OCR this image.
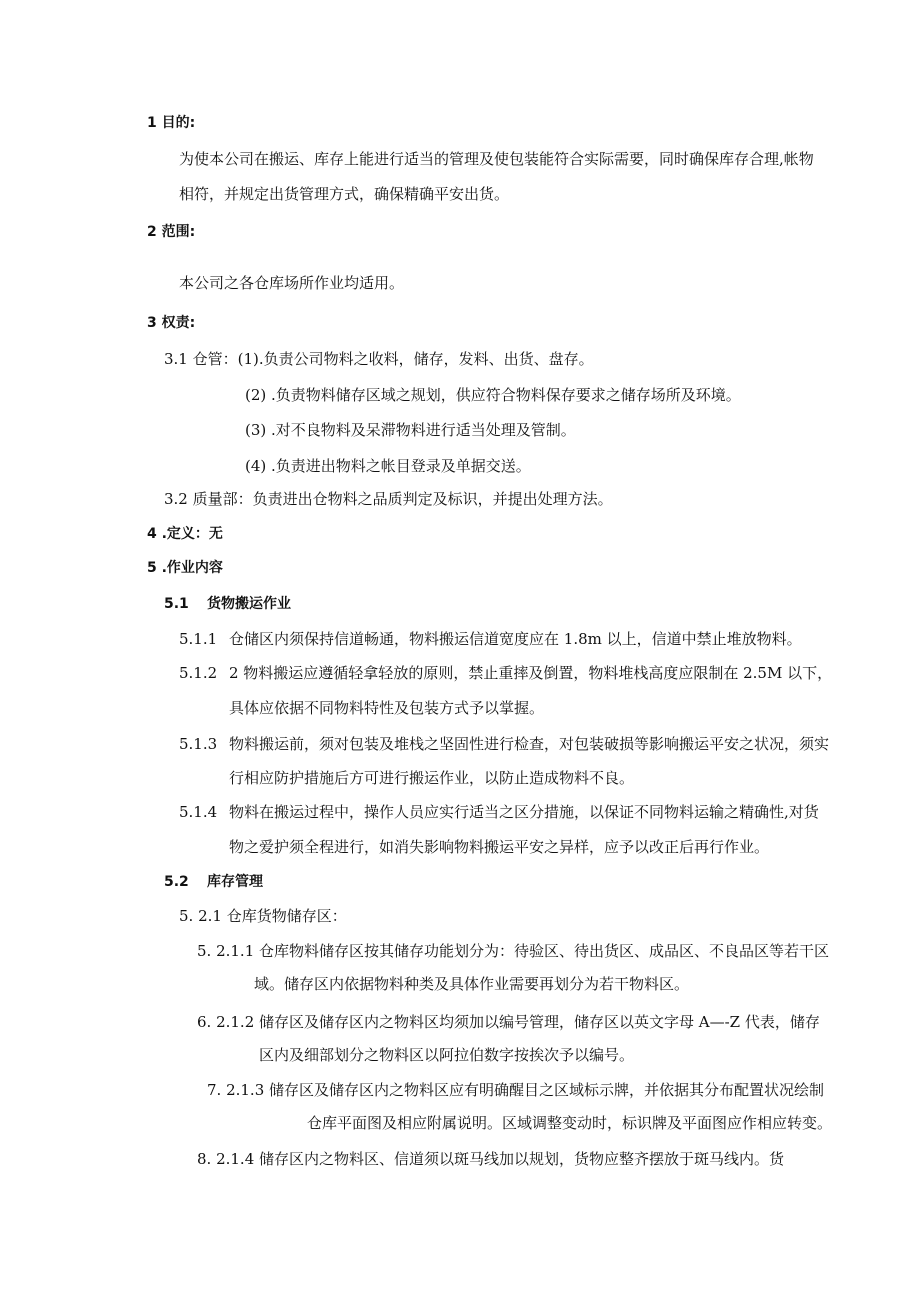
1 目的:
为使本公司在搬运、库存上能进行适当的管理及使包装能符合实际需要，同时确保库存合理,帐物
相符，并规定出货管理方式，确保精确平安出货。
2 范围:
本公司之各仓库场所作业均适用。
3 权责:
3.1 仓管：(1).负责公司物料之收料，储存，发料、出货、盘存。
(2) .负责物料储存区域之规划，供应符合物料保存要求之储存场所及环境。
(3) .对不良物料及呆滞物料进行适当处理及管制。
(4) .负责进出物料之帐目登录及单据交送。
3.2 质量部：负责进出仓物料之品质判定及标识，并提出处理方法。
4 .定义：无
5 .作业内容
5.1 货物搬运作业
5.1.1 仓储区内须保持信道畅通，物料搬运信道宽度应在 1.8m 以上，信道中禁止堆放物料。
5.1.2 2 物料搬运应遵循轻拿轻放的原则，禁止重摔及倒置，物料堆栈高度应限制在 2.5M 以下，
具体应依据不同物料特性及包装方式予以掌握。
5.1.3 物料搬运前，须对包装及堆栈之坚固性进行检查，对包装破损等影响搬运平安之状况，须实
行相应防护措施后方可进行搬运作业，以防止造成物料不良。
5.1.4 物料在搬运过程中，操作人员应实行适当之区分措施，以保证不同物料运输之精确性,对货
物之爱护须全程进行，如消失影响物料搬运平安之异样，应予以改正后再行作业。
5.2 库存管理
5. 2.1 仓库货物储存区：
5. 2.1.1 仓库物料储存区按其储存功能划分为：待验区、待出货区、成品区、不良品区等若干区
域。储存区内依据物料种类及具体作业需要再划分为若干物料区。
6. 2.1.2 储存区及储存区内之物料区均须加以编号管理，储存区以英文字母 A—-Z 代表，储存
区内及细部划分之物料区以阿拉伯数字按挨次予以编号。
7. 2.1.3 储存区及储存区内之物料区应有明确醒目之区域标示牌，并依据其分布配置状况绘制
仓库平面图及相应附属说明。区域调整变动时，标识牌及平面图应作相应转变。
8. 2.1.4 储存区内之物料区、信道须以斑马线加以规划，货物应整齐摆放于斑马线内。货
